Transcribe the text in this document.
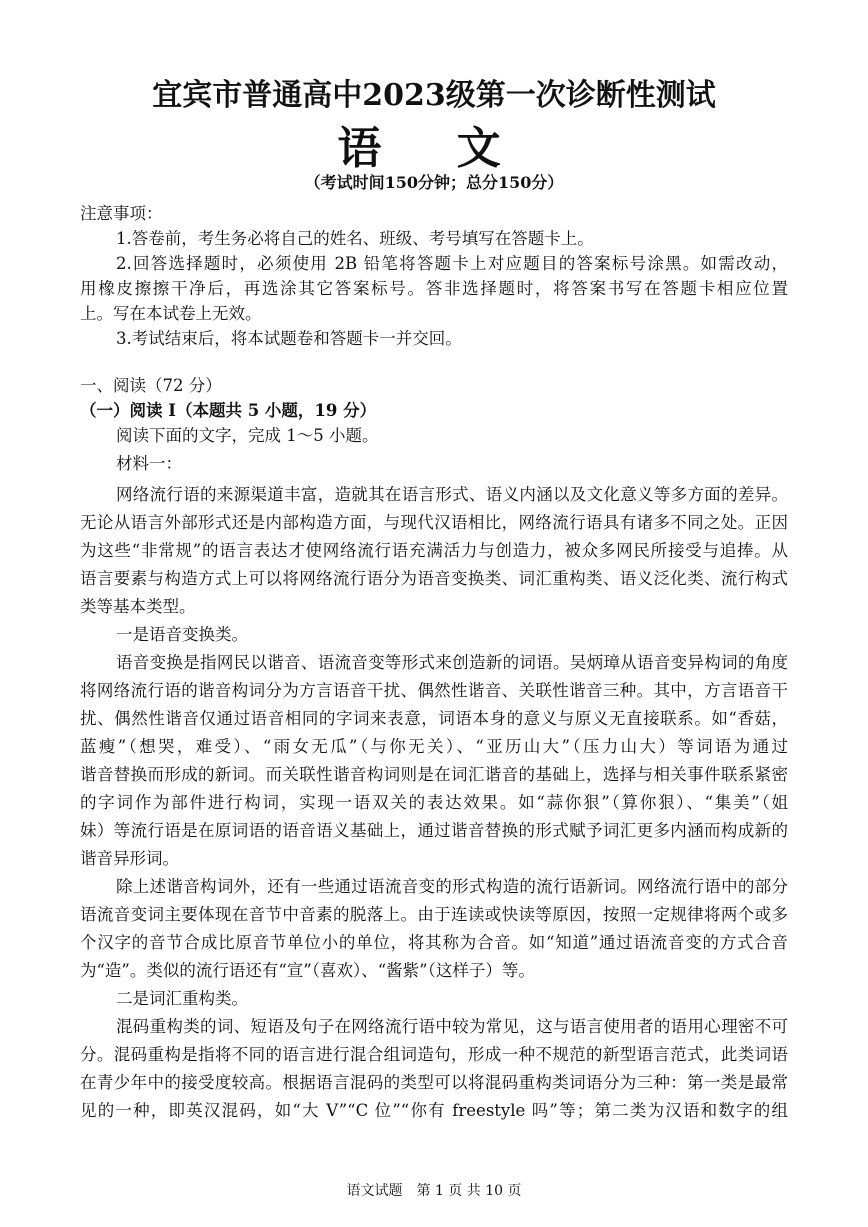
宜宾市普通高中2023级第一次诊断性测试
语 文
（考试时间150分钟；总分150分）
注意事项：
1.答卷前，考生务必将自己的姓名、班级、考号填写在答题卡上。
2.回答选择题时，必须使用 2B 铅笔将答题卡上对应题目的答案标号涂黑。如需改动，
用橡皮擦擦干净后，再选涂其它答案标号。答非选择题时，将答案书写在答题卡相应位置
上。写在本试卷上无效。
3.考试结束后，将本试题卷和答题卡一并交回。
一、阅读（72 分）
（一）阅读 I（本题共 5 小题，19 分）
阅读下面的文字，完成 1～5 小题。
材料一：
网络流行语的来源渠道丰富，造就其在语言形式、语义内涵以及文化意义等多方面的差异。
无论从语言外部形式还是内部构造方面，与现代汉语相比，网络流行语具有诸多不同之处。正因
为这些“非常规”的语言表达才使网络流行语充满活力与创造力，被众多网民所接受与追捧。从
语言要素与构造方式上可以将网络流行语分为语音变换类、词汇重构类、语义泛化类、流行构式
类等基本类型。
一是语音变换类。
语音变换是指网民以谐音、语流音变等形式来创造新的词语。吴炳璋从语音变异构词的角度
将网络流行语的谐音构词分为方言语音干扰、偶然性谐音、关联性谐音三种。其中，方言语音干
扰、偶然性谐音仅通过语音相同的字词来表意，词语本身的意义与原义无直接联系。如“香菇，
蓝瘦”（想哭，难受）、“雨女无瓜”（与你无关）、“亚历山大”（压力山大）等词语为通过
谐音替换而形成的新词。而关联性谐音构词则是在词汇谐音的基础上，选择与相关事件联系紧密
的字词作为部件进行构词，实现一语双关的表达效果。如“蒜你狠”（算你狠）、“集美”（姐
妹）等流行语是在原词语的语音语义基础上，通过谐音替换的形式赋予词汇更多内涵而构成新的
谐音异形词。
除上述谐音构词外，还有一些通过语流音变的形式构造的流行语新词。网络流行语中的部分
语流音变词主要体现在音节中音素的脱落上。由于连读或快读等原因，按照一定规律将两个或多
个汉字的音节合成比原音节单位小的单位，将其称为合音。如“知道”通过语流音变的方式合音
为“造”。类似的流行语还有“宣”（喜欢）、“酱紫”（这样子）等。
二是词汇重构类。
混码重构类的词、短语及句子在网络流行语中较为常见，这与语言使用者的语用心理密不可
分。混码重构是指将不同的语言进行混合组词造句，形成一种不规范的新型语言范式，此类词语
在青少年中的接受度较高。根据语言混码的类型可以将混码重构类词语分为三种：第一类是最常
见的一种，即英汉混码，如“大 V”“C 位”“你有 freestyle 吗”等；第二类为汉语和数字的组
语文试题　第 1 页 共 10 页
